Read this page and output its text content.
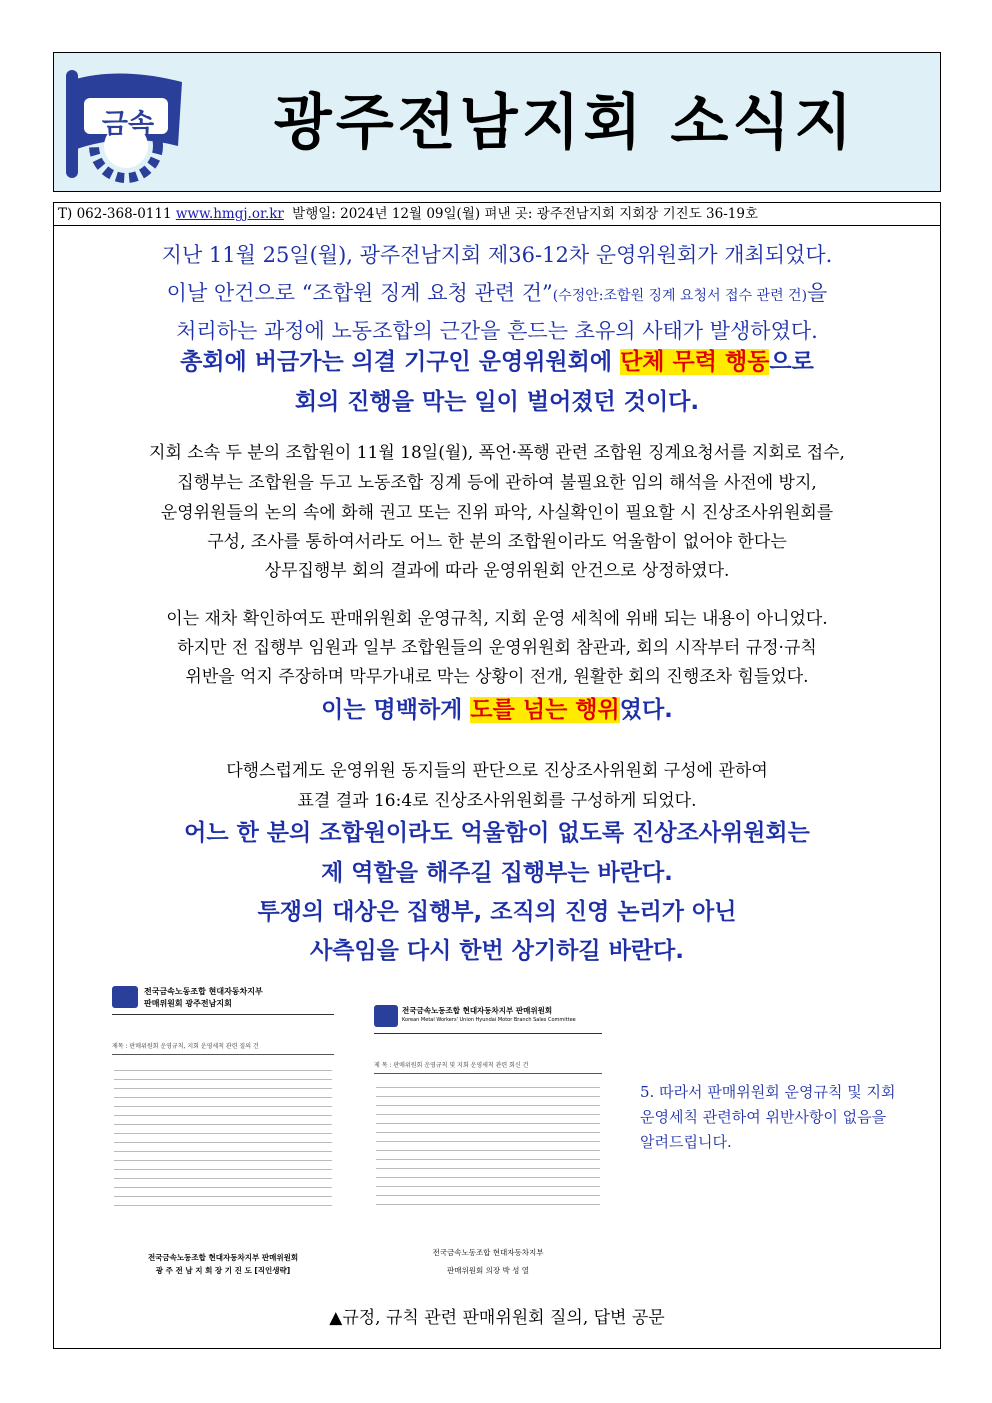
금속	광주전남지회 소식지
T) 062-368-0111 www.hmgj.or.kr 발행일: 2024년 12월 09일(월) 펴낸 곳: 광주전남지회 지회장 기진도 36-19호
지난 11월 25일(월), 광주전남지회 제36-12차 운영위원회가 개최되었다.
이날 안건으로 “조합원 징계 요청 관련 건”(수정안:조합원 징계 요청서 접수 관련 건)을
처리하는 과정에 노동조합의 근간을 흔드는 초유의 사태가 발생하였다.
총회에 버금가는 의결 기구인 운영위원회에 단체 무력 행동으로
회의 진행을 막는 일이 벌어졌던 것이다.
지회 소속 두 분의 조합원이 11월 18일(월), 폭언·폭행 관련 조합원 징계요청서를 지회로 접수,
집행부는 조합원을 두고 노동조합 징계 등에 관하여 불필요한 임의 해석을 사전에 방지,
운영위원들의 논의 속에 화해 권고 또는 진위 파악, 사실확인이 필요할 시 진상조사위원회를
구성, 조사를 통하여서라도 어느 한 분의 조합원이라도 억울함이 없어야 한다는
상무집행부 회의 결과에 따라 운영위원회 안건으로 상정하였다.
이는 재차 확인하여도 판매위원회 운영규칙, 지회 운영 세칙에 위배 되는 내용이 아니었다.
하지만 전 집행부 임원과 일부 조합원들의 운영위원회 참관과, 회의 시작부터 규정·규칙
위반을 억지 주장하며 막무가내로 막는 상황이 전개, 원활한 회의 진행조차 힘들었다.
이는 명백하게 도를 넘는 행위였다.
다행스럽게도 운영위원 동지들의 판단으로 진상조사위원회 구성에 관하여
표결 결과 16:4로 진상조사위원회를 구성하게 되었다.
어느 한 분의 조합원이라도 억울함이 없도록 진상조사위원회는
제 역할을 해주길 집행부는 바란다.
투쟁의 대상은 집행부, 조직의 진영 논리가 아닌
사측임을 다시 한번 상기하길 바란다.
전국금속노동조합 현대자동차지부
판매위원회 광주전남지회
제목 : 판매위원회 운영규칙, 지회 운영세칙 관련 질의 건
전국금속노동조합 현대자동차지부 판매위원회
광 주 전 남 지 회 장 기 진 도 [직인생략]
전국금속노동조합 현대자동차지부 판매위원회
Korean Metal Workers' Union Hyundai Motor Branch Sales Committee
제 목 : 판매위원회 운영규칙 및 지회 운영세칙 관련 회신 건
전국금속노동조합 현대자동차지부
판매위원회 의장 박 성 열
5. 따라서 판매위원회 운영규칙 및 지회 운영세칙 관련하여 위반사항이 없음을 알려드립니다.
▲규정, 규칙 관련 판매위원회 질의, 답변 공문
